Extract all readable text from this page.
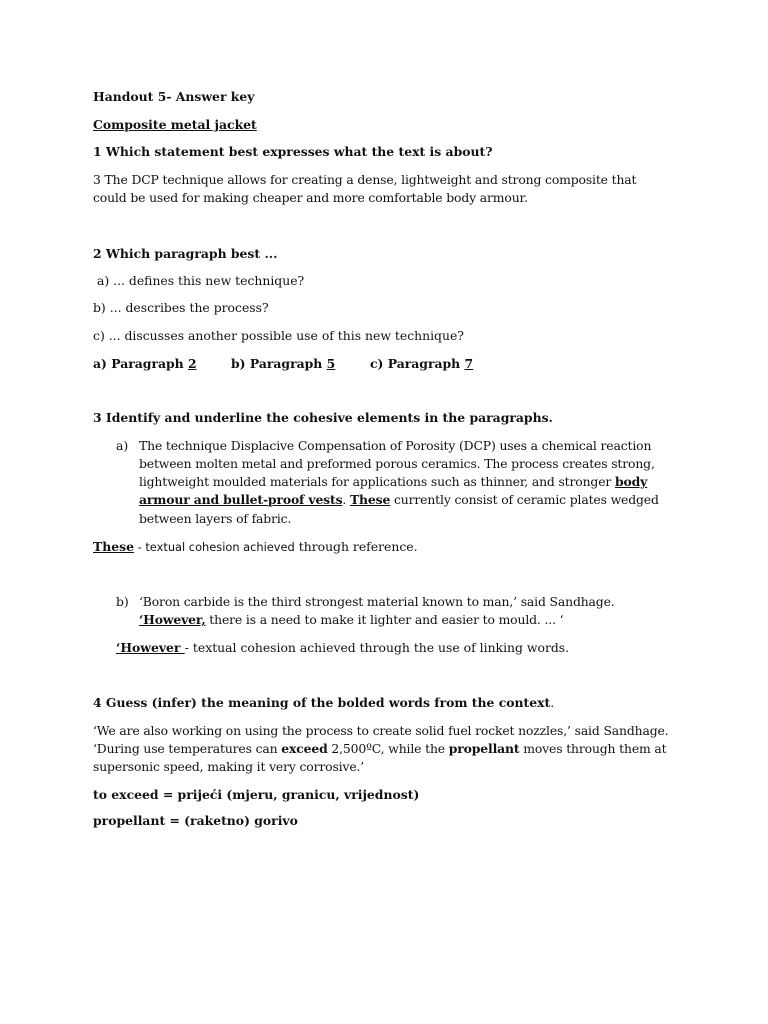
Handout 5- Answer key
Composite metal jacket
1 Which statement best expresses what the text is about?
3 The DCP technique allows for creating a dense, lightweight and strong composite that
could be used for making cheaper and more comfortable body armour.
2 Which paragraph best ...
a) ... defines this new technique?
b) ... describes the process?
c) ... discusses another possible use of this new technique?
a) Paragraph 2	b) Paragraph 5	c) Paragraph 7
3 Identify and underline the cohesive elements in the paragraphs.
a) The technique Displacive Compensation of Porosity (DCP) uses a chemical reaction
between molten metal and preformed porous ceramics. The process creates strong,
lightweight moulded materials for applications such as thinner, and stronger body
armour and bullet-proof vests. These currently consist of ceramic plates wedged
between layers of fabric.
These - textual cohesion achieved through reference.
b) ‘Boron carbide is the third strongest material known to man,’ said Sandhage.
‘However, there is a need to make it lighter and easier to mould. ... ‘
‘However - textual cohesion achieved through the use of linking words.
4 Guess (infer) the meaning of the bolded words from the context.
‘We are also working on using the process to create solid fuel rocket nozzles,’ said Sandhage.
‘During use temperatures can exceed 2,500ºC, while the propellant moves through them at
supersonic speed, making it very corrosive.’
to exceed = prijeći (mjeru, granicu, vrijednost)
propellant = (raketno) gorivo
